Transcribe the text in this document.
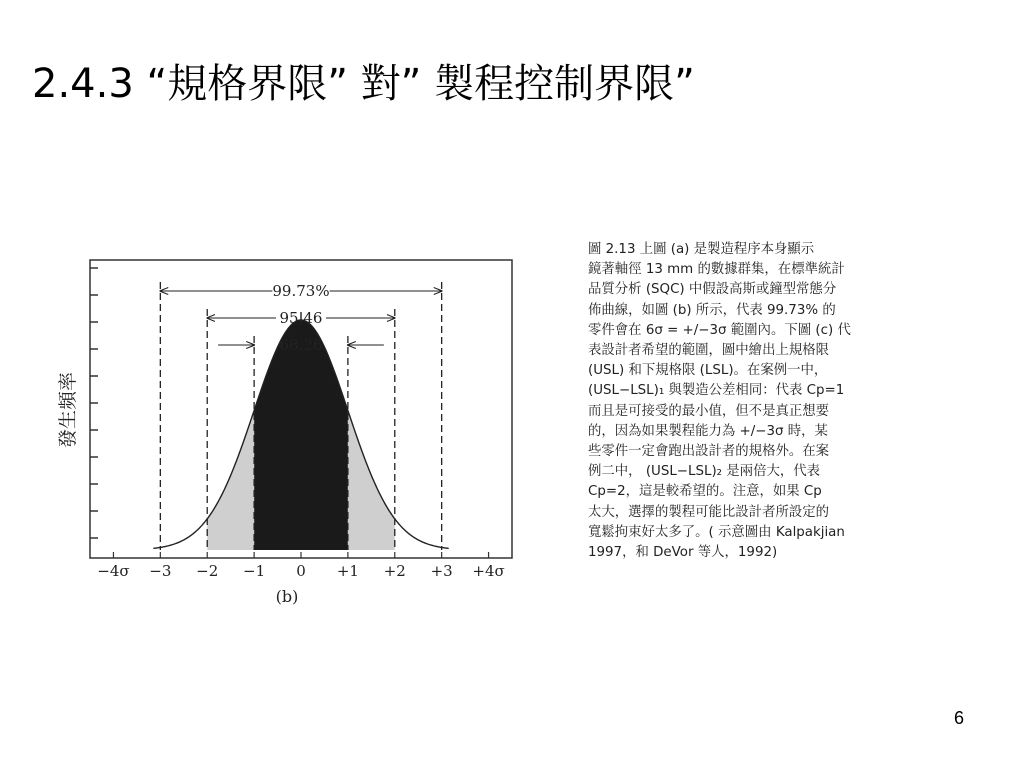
2.4.3 “規格界限” 對” 製程控制界限”
99.73%
95.46
68.26
−4σ −3 −2 −1 0 +1 +2 +3 +4σ
發生頻率
(b)
圖 2.13 上圖 (a) 是製造程序本身顯示
鏡著軸徑 13 mm 的數據群集，在標準統計
品質分析 (SQC) 中假設高斯或鐘型常態分
佈曲線，如圖 (b) 所示，代表 99.73% 的
零件會在 6σ = +/−3σ 範圍內。下圖 (c) 代
表設計者希望的範圍，圖中繪出上規格限
(USL) 和下規格限 (LSL)。在案例一中，
(USL−LSL)₁ 與製造公差相同：代表 Cp=1
而且是可接受的最小值，但不是真正想要
的，因為如果製程能力為 +/−3σ 時，某
些零件一定會跑出設計者的規格外。在案
例二中， (USL−LSL)₂ 是兩倍大，代表
Cp=2，這是較希望的。注意，如果 Cp
太大，選擇的製程可能比設計者所設定的
寬鬆拘束好太多了。( 示意圖由 Kalpakjian
1997，和 DeVor 等人，1992)
6
